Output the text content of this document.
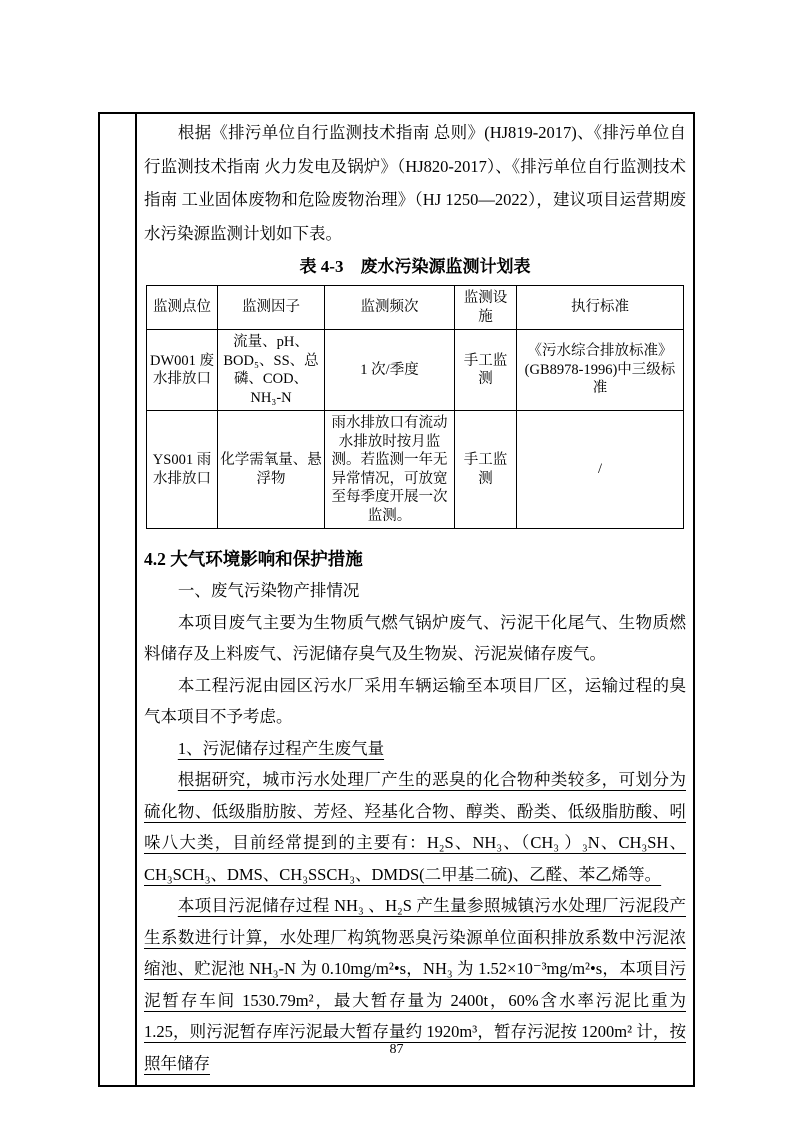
根据《排污单位自行监测技术指南 总则》(HJ819-2017)、《排污单位自行监测技术指南 火力发电及锅炉》（HJ820-2017）、《排污单位自行监测技术指南 工业固体废物和危险废物治理》（HJ 1250—2022），建议项目运营期废水污染源监测计划如下表。

表 4-3　废水污染源监测计划表
监测点位	监测因子	监测频次	监测设施	执行标准
DW001 废水排放口	流量、pH、BOD₅、SS、总磷、COD、NH₃-N	1 次/季度	手工监测	《污水综合排放标准》(GB8978-1996)中三级标准
YS001 雨水排放口	化学需氧量、悬浮物	雨水排放口有流动水排放时按月监测。若监测一年无异常情况，可放宽至每季度开展一次监测。	手工监测	/
4.2 大气环境影响和保护措施

一、废气污染物产排情况

本项目废气主要为生物质气燃气锅炉废气、污泥干化尾气、生物质燃料储存及上料废气、污泥储存臭气及生物炭、污泥炭储存废气。

本工程污泥由园区污水厂采用车辆运输至本项目厂区，运输过程的臭气本项目不予考虑。

1、污泥储存过程产生废气量

根据研究，城市污水处理厂产生的恶臭的化合物种类较多，可划分为硫化物、低级脂肪胺、芳烃、羟基化合物、醇类、酚类、低级脂肪酸、吲哚八大类，目前经常提到的主要有：H₂S、NH₃、（CH₃ ）₃N、CH₃SH、CH₃SCH₃、DMS、CH₃SSCH₃、DMDS(二甲基二硫)、乙醛、苯乙烯等。

本项目污泥储存过程 NH₃ 、H₂S 产生量参照城镇污水处理厂污泥段产生系数进行计算，水处理厂构筑物恶臭污染源单位面积排放系数中污泥浓缩池、贮泥池 NH₃-N 为 0.10mg/m²•s，NH₃ 为 1.52×10⁻³mg/m²•s，本项目污泥暂存车间 1530.79m²，最大暂存量为 2400t，60%含水率污泥比重为 1.25，则污泥暂存库污泥最大暂存量约 1920m³，暂存污泥按 1200m² 计，按照年储存

87
